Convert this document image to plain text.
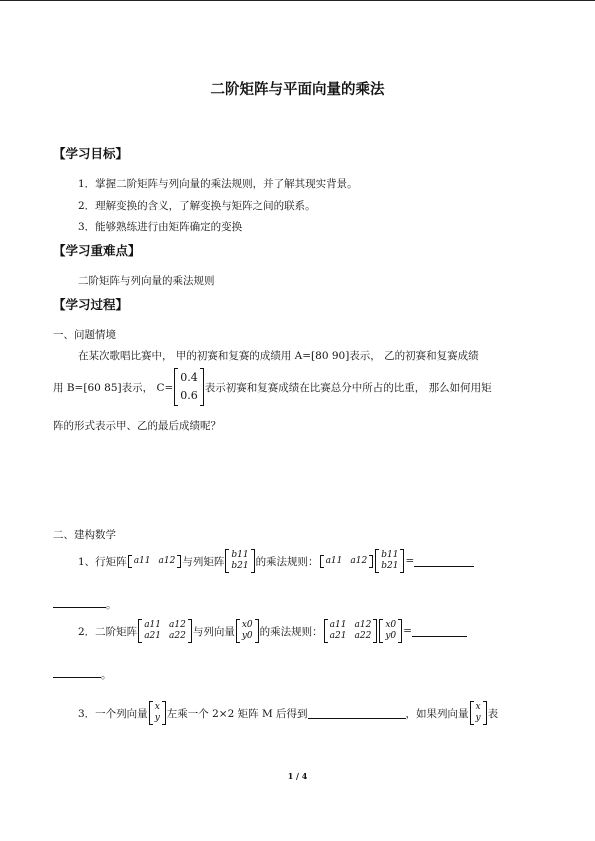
二阶矩阵与平面向量的乘法
【学习目标】
1．掌握二阶矩阵与列向量的乘法规则，并了解其现实背景。
2．理解变换的含义，了解变换与矩阵之间的联系。
3．能够熟练进行由矩阵确定的变换
【学习重难点】
二阶矩阵与列向量的乘法规则
【学习过程】
一、问题情境
在某次歌唱比赛中， 甲的初赛和复赛的成绩用 A=[80 90]表示， 乙的初赛和复赛成绩
用 B=[60 85]表示， C=
0.4
0.6
表示初赛和复赛成绩在比赛总分中所占的比重， 那么如何用矩
阵的形式表示甲、乙的最后成绩呢？
二、建构数学
1、行矩阵 a11 a12 与列矩阵
b11
b21 的乘法规则： a11 a12
b11
b21 =
。
2．二阶矩阵
a11 a12
a21 a22 与列向量
x0
y0 的乘法规则：
a11 a12
a21 a22
x0
y0 =
。
3．一个列向量
x
y 左乘一个 2×2 矩阵 M 后得到	，如果列向量
x
y 表
1 / 4
